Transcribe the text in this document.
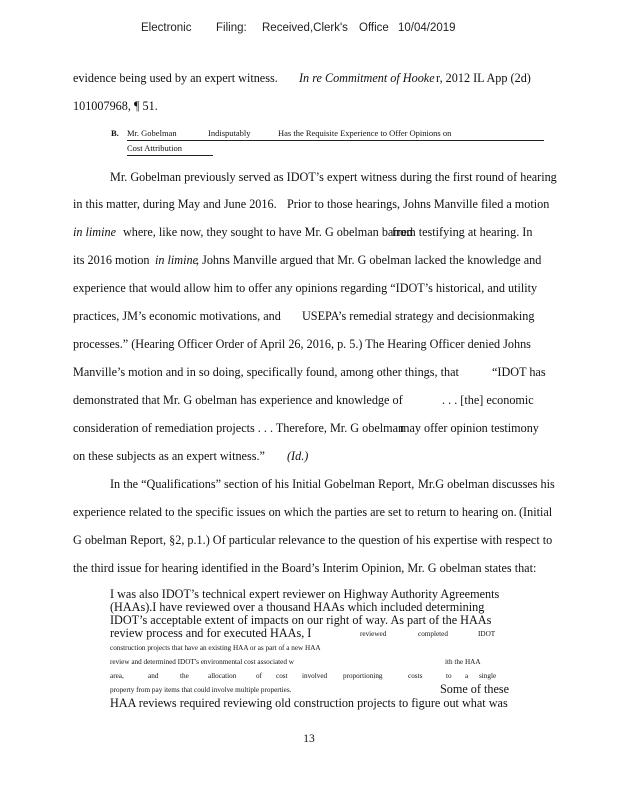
Electronic Filing: Received,Clerk's Office 10/04/2019
evidence being used by an expert witness. In re Commitment of Hooke r, 2012 IL App (2d)
101007968, ¶ 51.
B. Mr. Gobelman	Indisputably	Has the Requisite Experience to Offer Opinions on
Cost Attribution
Mr. Gobelman previously served as IDOT’s expert witness during the first round of hearing
in this matter, during May and June 2016. Prior to those hearings, Johns Manville filed a motion
in limine where, like now, they sought to have Mr. G obelman barred
from testifying at hearing. In
its 2016 motion in limine
, Johns Manville argued that Mr. G obelman lacked the knowledge and
experience that would allow him to offer any opinions regarding “IDOT’s historical, and utility
practices, JM’s economic motivations, and USEPA’s remedial strategy and decisionmaking
processes.” (Hearing Officer Order of April 26, 2016, p. 5.) The Hearing Officer denied Johns
Manville’s motion and in so doing, specifically found, among other things, that	“IDOT has
demonstrated that Mr. G obelman has experience and knowledge of	. . . [the] economic
consideration of remediation projects . . . Therefore, Mr. G obelman
may offer opinion testimony
on these subjects as an expert witness.” (Id.)
In the “Qualifications” section of his Initial Gobelman Report, Mr.G obelman discusses his
experience related to the specific issues on which the parties are set to return to hearing on. (Initial
G obelman Report, §2, p.1.) Of particular relevance to the question of his expertise with respect to
the third issue for hearing identified in the Board’s Interim Opinion, Mr. G obelman states that:
I was also IDOT’s technical expert reviewer on Highway Authority Agreements
(HAAs).I have reviewed over a thousand HAAs which included determining
IDOT’s acceptable extent of impacts on our right of way. As part of the HAAs
review process and for executed HAAs, I	reviewed	completed	IDOT
construction projects that have an existing HAA or as part of a new HAA
review and determined IDOT's environmental cost associated w	ith the HAA
area,	and	the	allocation	of cost involved proportioning	costs	to a single
property from pay items that could involve multiple properties.	Some of these
HAA reviews required reviewing old construction projects to figure out what was
13
